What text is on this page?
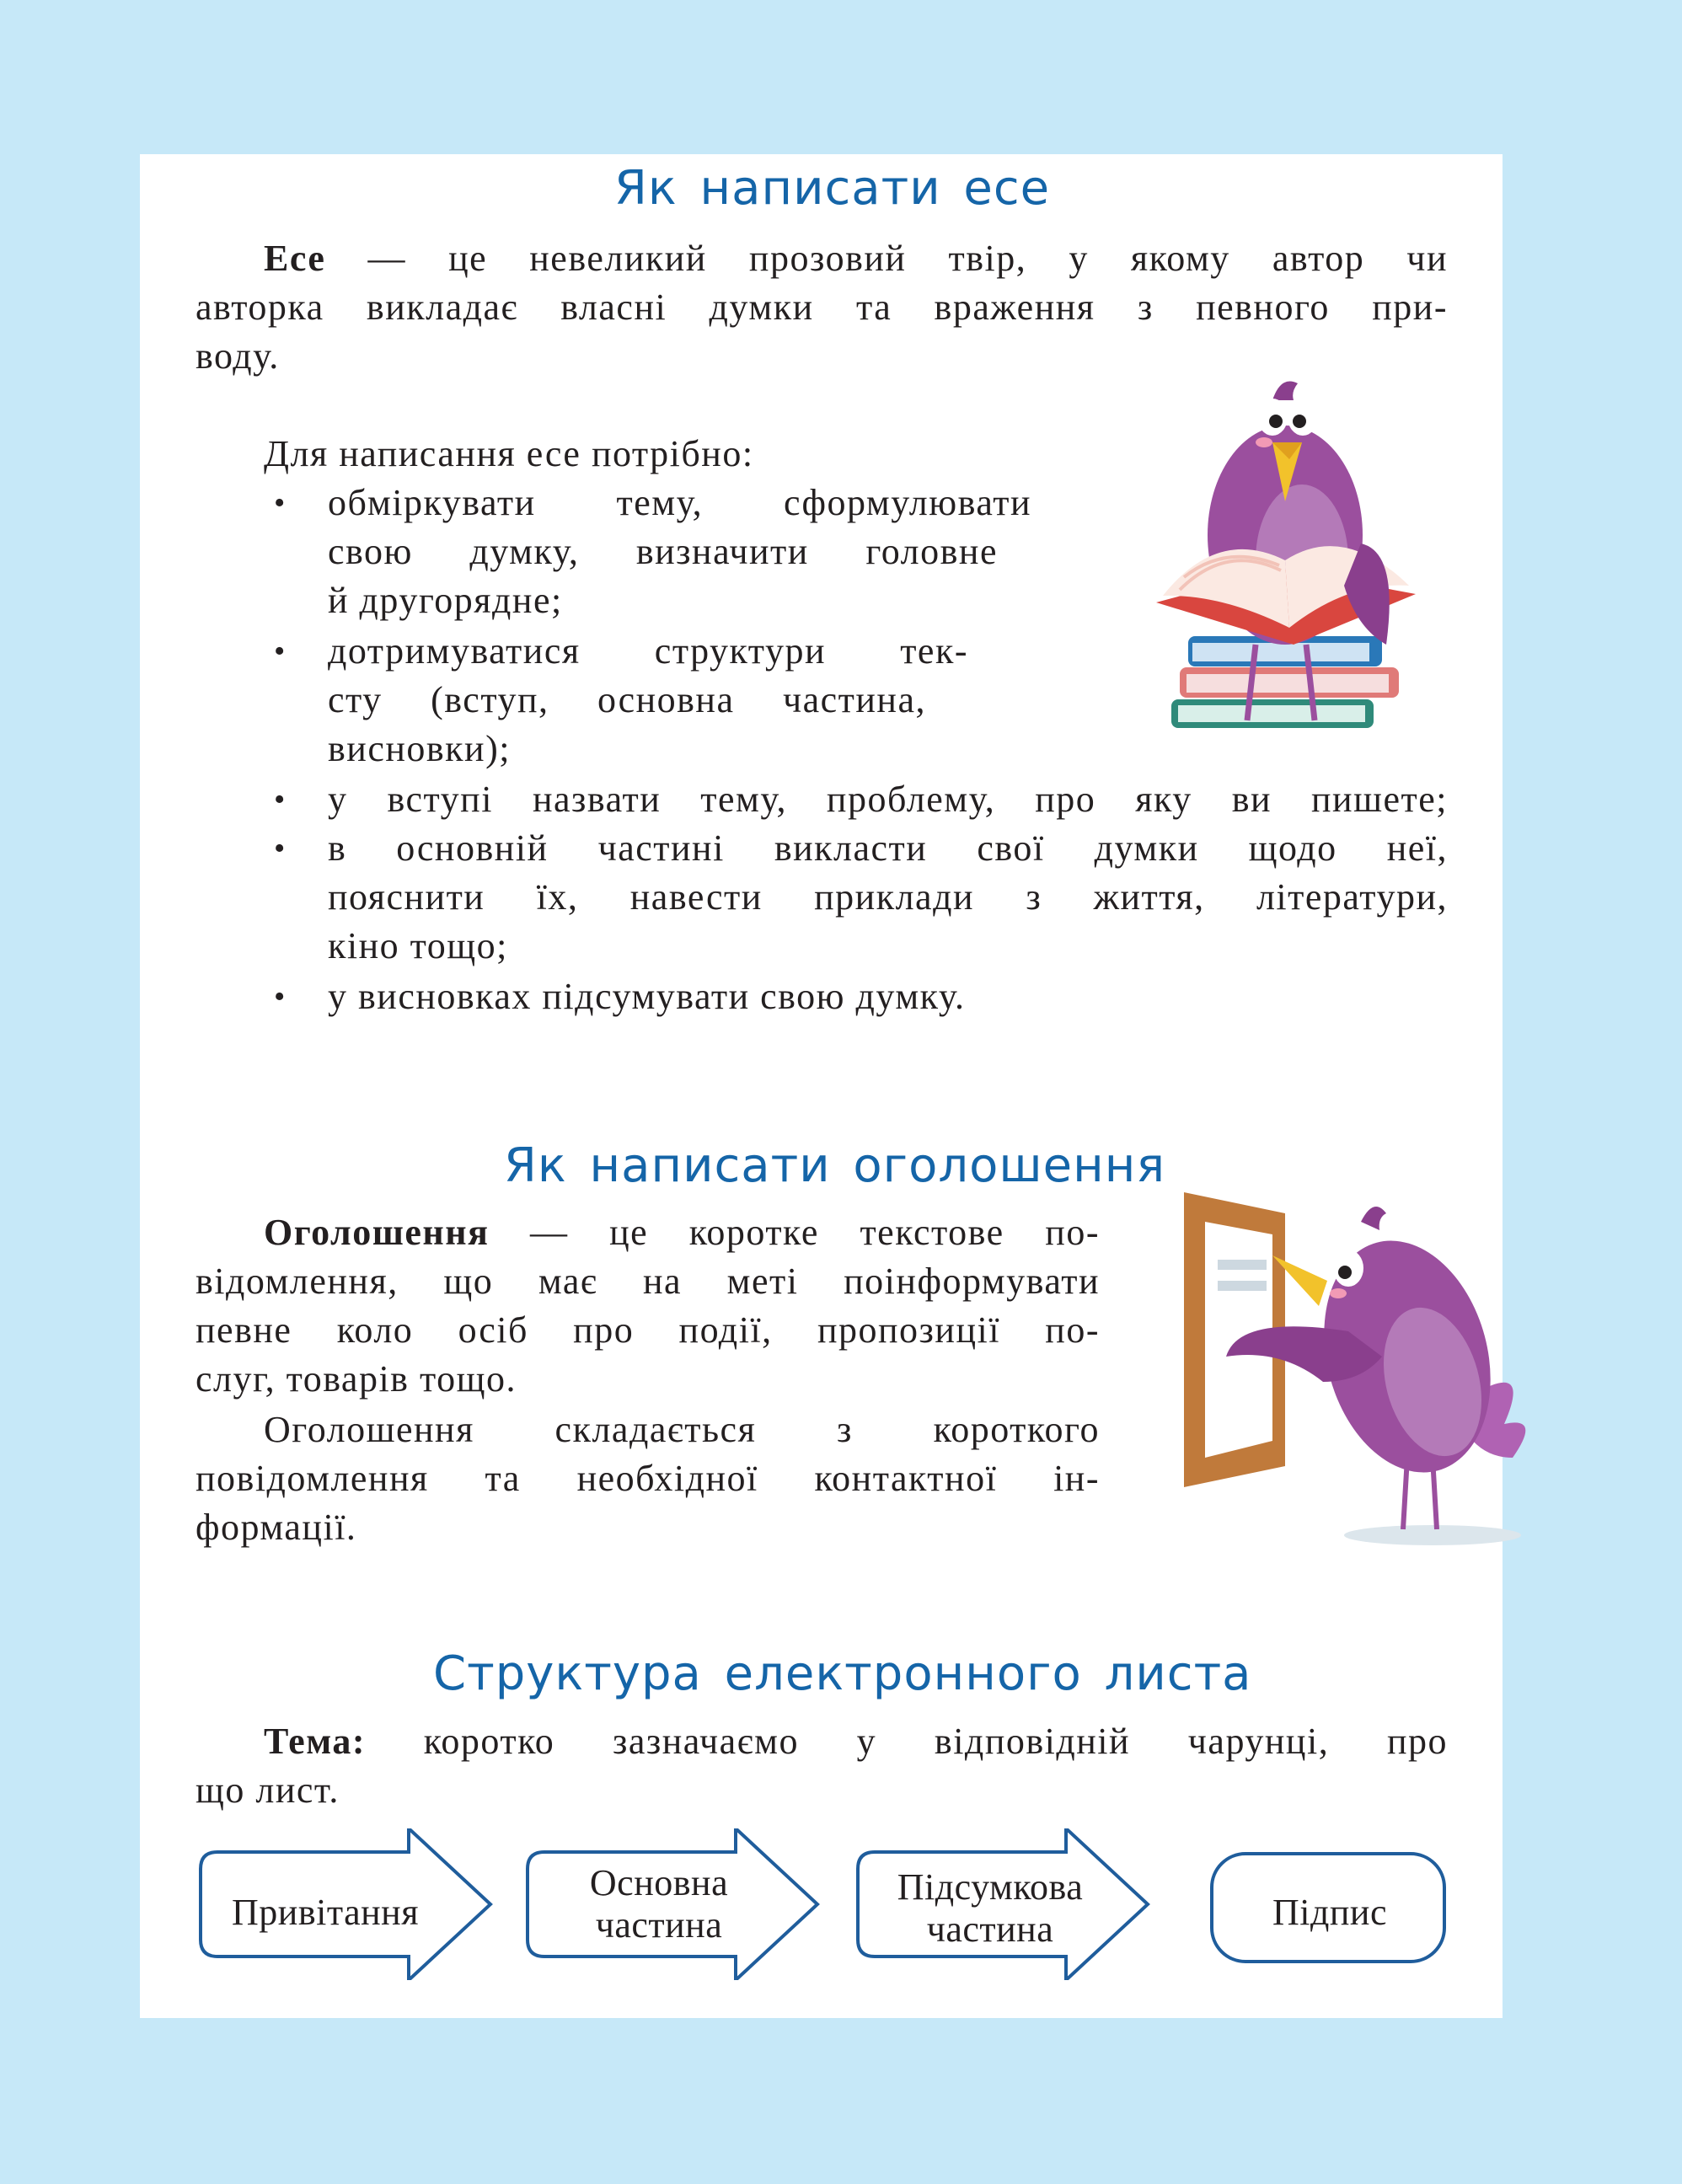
Як написати есе
Есе — це невеликий прозовий твір, у якому автор чи
авторка викладає власні думки та враження з певного при-
воду.
Для написання есе потрібно:
• обміркувати тему, сформулювати
свою думку, визначити головне
й другорядне;
• дотримуватися структури тек-
сту (вступ, основна частина,
висновки);
• у вступі назвати тему, проблему, про яку ви пишете;
• в основній частині викласти свої думки щодо неї,
пояснити їх, навести приклади з життя, літератури,
кіно тощо;
• у висновках підсумувати свою думку.
Як написати оголошення
Оголошення — це коротке текстове по-
відомлення, що має на меті поінформувати
певне коло осіб про події, пропозиції по-
слуг, товарів тощо.
Оголошення складається з короткого
повідомлення та необхідної контактної ін-
формації.
Структура електронного листа
Тема: коротко зазначаємо у відповідній чарунці, про
що лист.
Привітання
Основна частина
Підсумкова частина	Підпис
